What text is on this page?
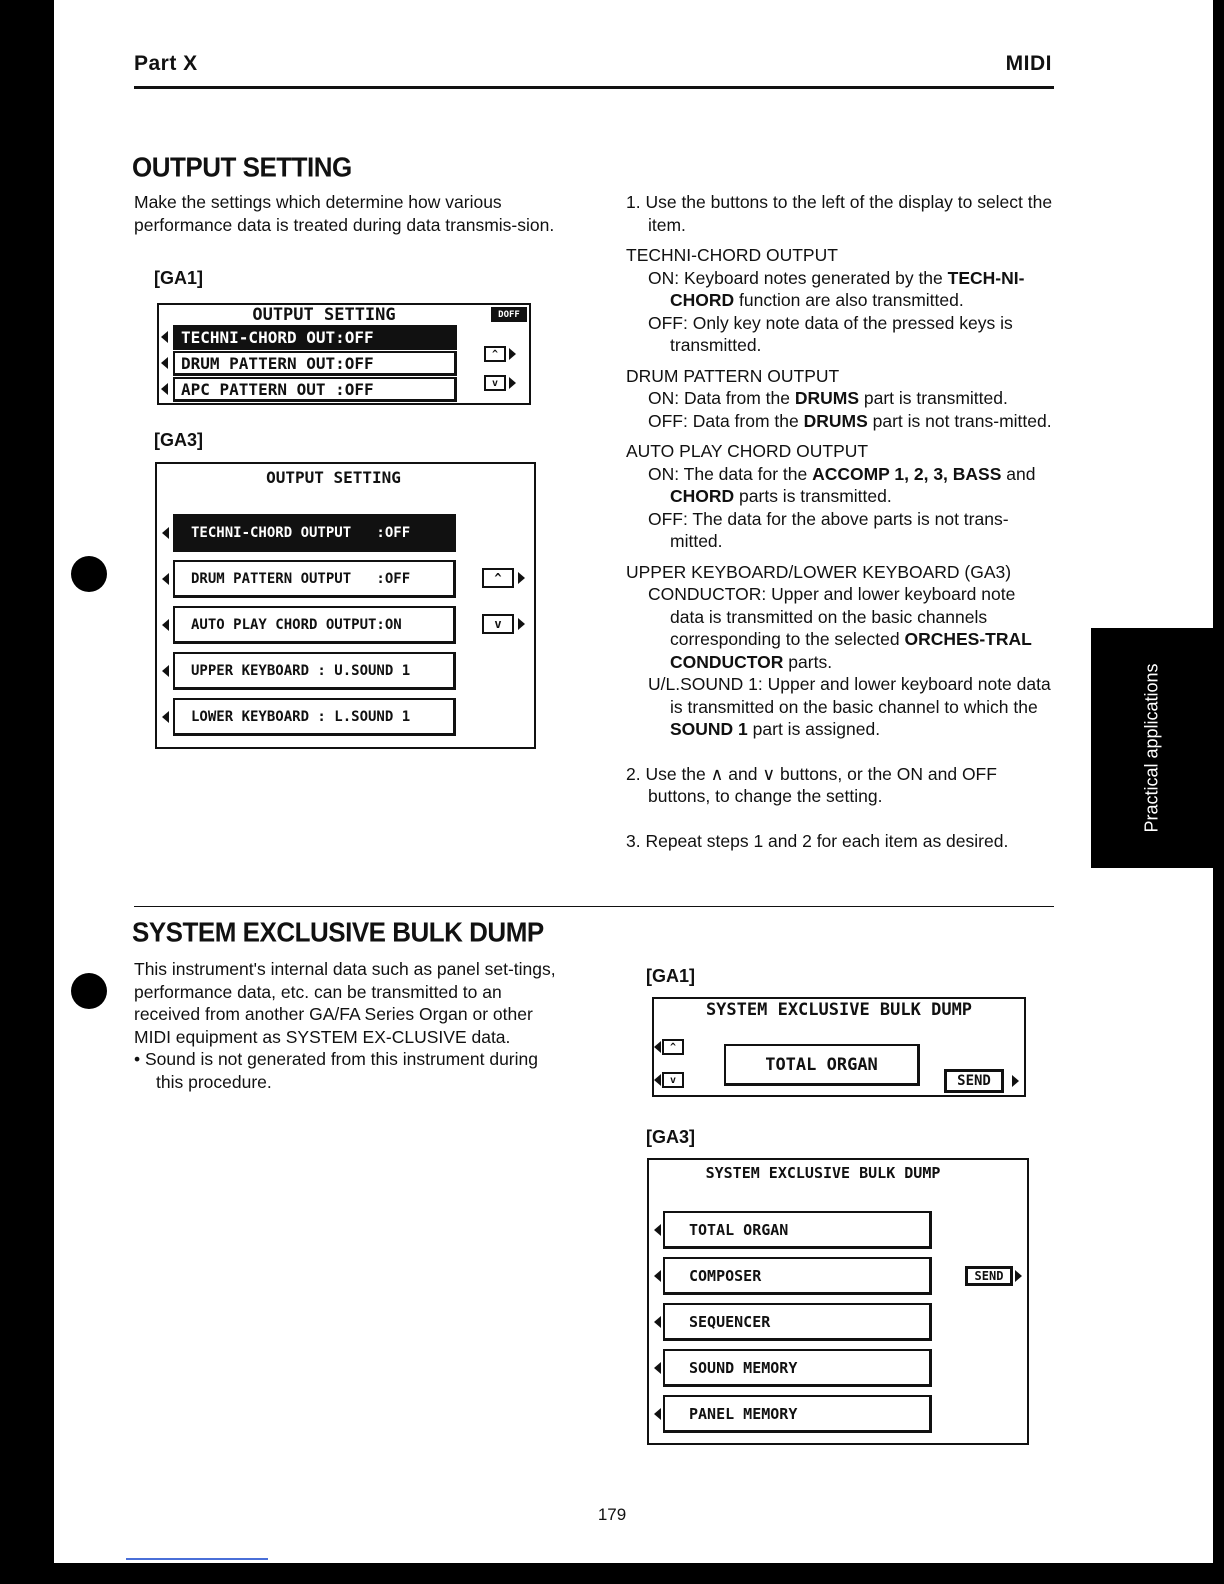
Part X	MIDI
OUTPUT SETTING
Make the settings which determine how various performance data is treated during data transmis-sion.
[GA1]
OUTPUT SETTING	DOFF
TECHNI-CHORD OUT:OFF
DRUM PATTERN OUT:OFF
APC PATTERN OUT :OFF
^
v
[GA3]
OUTPUT SETTING
TECHNI-CHORD OUTPUT   :OFF
DRUM PATTERN OUTPUT   :OFF
AUTO PLAY CHORD OUTPUT:ON
UPPER KEYBOARD : U.SOUND 1
LOWER KEYBOARD : L.SOUND 1
^
v
1. Use the buttons to the left of the display to select the item.
TECHNI-CHORD OUTPUT
ON: Keyboard notes generated by the TECH-NI-CHORD function are also transmitted.
OFF: Only key note data of the pressed keys is transmitted.
DRUM PATTERN OUTPUT
ON: Data from the DRUMS part is transmitted.
OFF: Data from the DRUMS part is not trans-mitted.
AUTO PLAY CHORD OUTPUT
ON: The data for the ACCOMP 1, 2, 3, BASS and CHORD parts is transmitted.
OFF: The data for the above parts is not trans-mitted.
UPPER KEYBOARD/LOWER KEYBOARD (GA3)
CONDUCTOR: Upper and lower keyboard note data is transmitted on the basic channels corresponding to the selected ORCHES-TRAL CONDUCTOR parts.
U/L.SOUND 1: Upper and lower keyboard note data is transmitted on the basic channel to which the SOUND 1 part is assigned.
2. Use the ∧ and ∨ buttons, or the ON and OFF buttons, to change the setting.
3. Repeat steps 1 and 2 for each item as desired.
Practical applications
SYSTEM EXCLUSIVE BULK DUMP
This instrument's internal data such as panel set-tings, performance data, etc. can be transmitted to an received from another GA/FA Series Organ or other MIDI equipment as SYSTEM EX-CLUSIVE data.
• Sound is not generated from this instrument during this procedure.
[GA1]
SYSTEM EXCLUSIVE BULK DUMP
^
v
TOTAL ORGAN
SEND
[GA3]
SYSTEM EXCLUSIVE BULK DUMP
TOTAL ORGAN
COMPOSER
SEQUENCER
SOUND MEMORY
PANEL MEMORY
SEND
179
